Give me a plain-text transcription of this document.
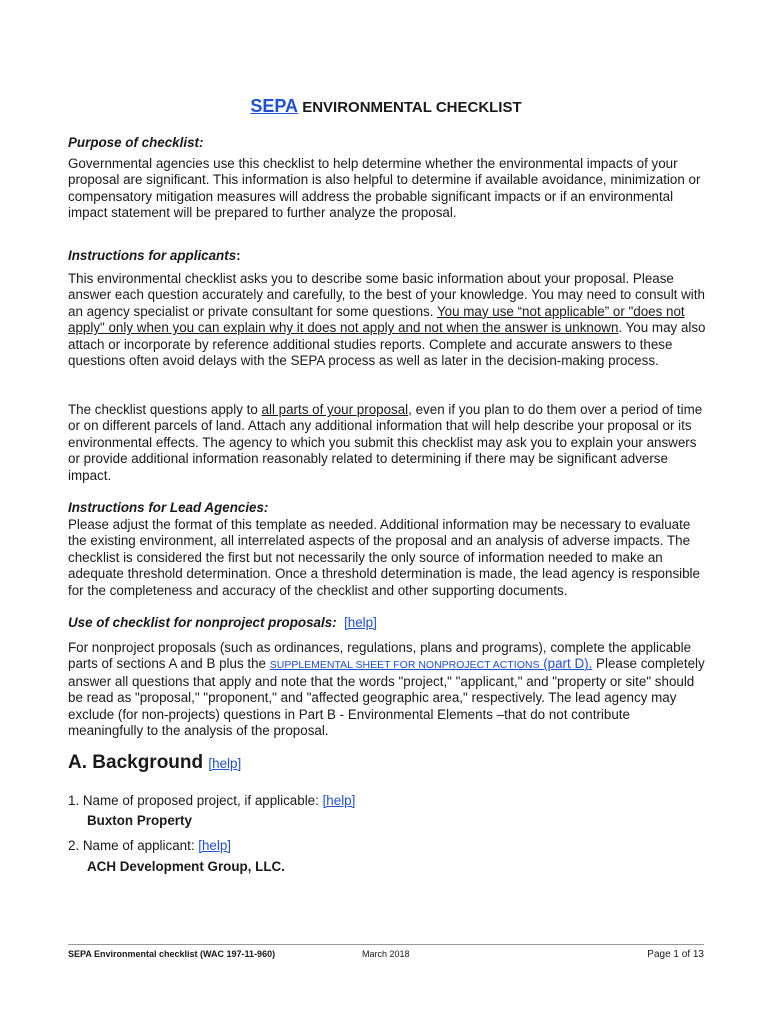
SEPA ENVIRONMENTAL CHECKLIST
Purpose of checklist:
Governmental agencies use this checklist to help determine whether the environmental impacts of your proposal are significant. This information is also helpful to determine if available avoidance, minimization or compensatory mitigation measures will address the probable significant impacts or if an environmental impact statement will be prepared to further analyze the proposal.
Instructions for applicants:
This environmental checklist asks you to describe some basic information about your proposal. Please answer each question accurately and carefully, to the best of your knowledge. You may need to consult with an agency specialist or private consultant for some questions. You may use “not applicable” or "does not apply" only when you can explain why it does not apply and not when the answer is unknown. You may also attach or incorporate by reference additional studies reports. Complete and accurate answers to these questions often avoid delays with the SEPA process as well as later in the decision-making process.
The checklist questions apply to all parts of your proposal, even if you plan to do them over a period of time or on different parcels of land. Attach any additional information that will help describe your proposal or its environmental effects. The agency to which you submit this checklist may ask you to explain your answers or provide additional information reasonably related to determining if there may be significant adverse impact.
Instructions for Lead Agencies:
Please adjust the format of this template as needed. Additional information may be necessary to evaluate the existing environment, all interrelated aspects of the proposal and an analysis of adverse impacts. The checklist is considered the first but not necessarily the only source of information needed to make an adequate threshold determination. Once a threshold determination is made, the lead agency is responsible for the completeness and accuracy of the checklist and other supporting documents.
Use of checklist for nonproject proposals: [help]
For nonproject proposals (such as ordinances, regulations, plans and programs), complete the applicable parts of sections A and B plus the SUPPLEMENTAL SHEET FOR NONPROJECT ACTIONS (part D). Please completely answer all questions that apply and note that the words "project," "applicant," and "property or site" should be read as "proposal," "proponent," and "affected geographic area," respectively. The lead agency may exclude (for non-projects) questions in Part B - Environmental Elements –that do not contribute meaningfully to the analysis of the proposal.
A. Background [help]
1. Name of proposed project, if applicable: [help]
Buxton Property
2. Name of applicant: [help]
ACH Development Group, LLC.
SEPA Environmental checklist (WAC 197-11-960)	March 2018	Page 1 of 13
